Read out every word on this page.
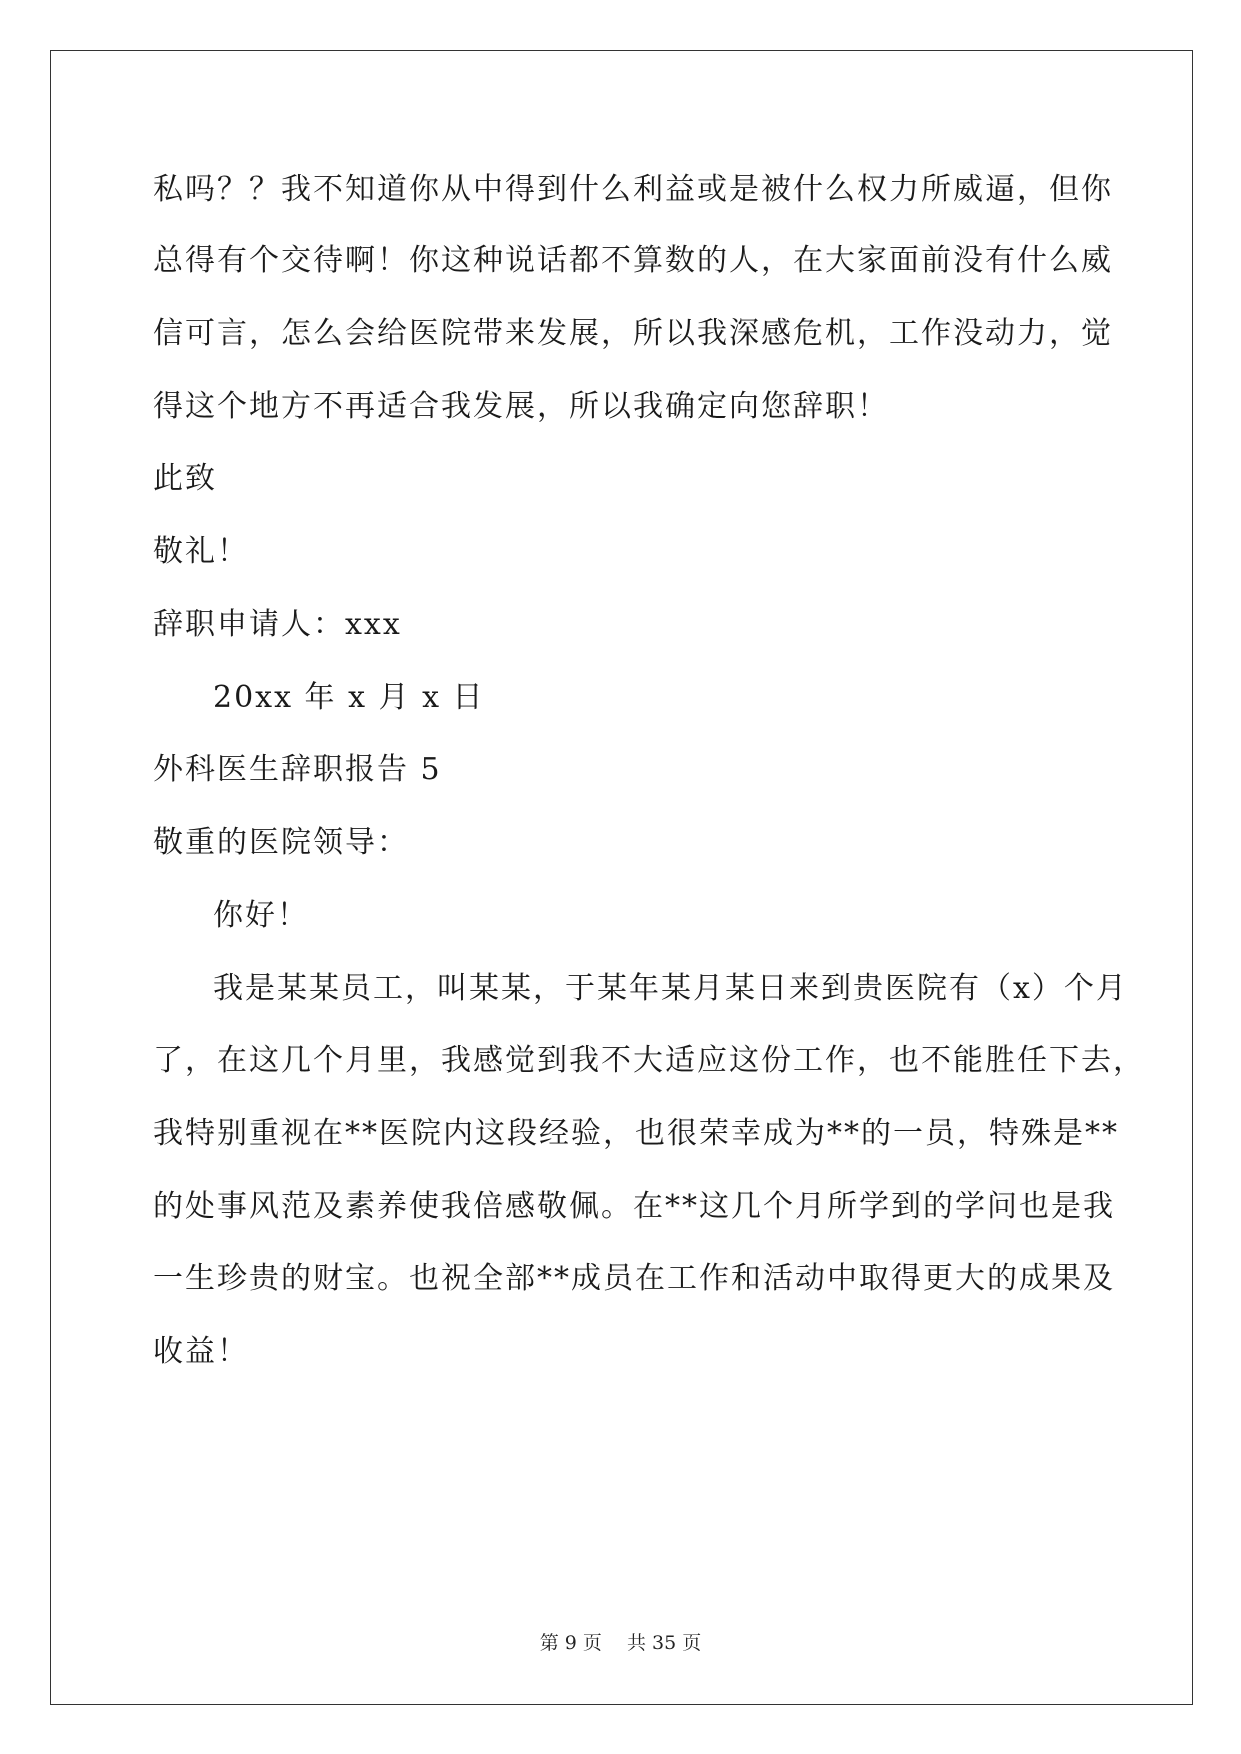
私吗？？我不知道你从中得到什么利益或是被什么权力所威逼，但你
总得有个交待啊！你这种说话都不算数的人，在大家面前没有什么威
信可言，怎么会给医院带来发展，所以我深感危机，工作没动力，觉
得这个地方不再适合我发展，所以我确定向您辞职！
此致
敬礼！
辞职申请人：xxx
20xx 年 x 月 x 日
外科医生辞职报告 5
敬重的医院领导：
你好！
我是某某员工，叫某某，于某年某月某日来到贵医院有（x）个月
了，在这几个月里，我感觉到我不大适应这份工作，也不能胜任下去，
我特别重视在**医院内这段经验，也很荣幸成为**的一员，特殊是**
的处事风范及素养使我倍感敬佩。在**这几个月所学到的学问也是我
一生珍贵的财宝。也祝全部**成员在工作和活动中取得更大的成果及
收益！
第 9 页　 共 35 页
